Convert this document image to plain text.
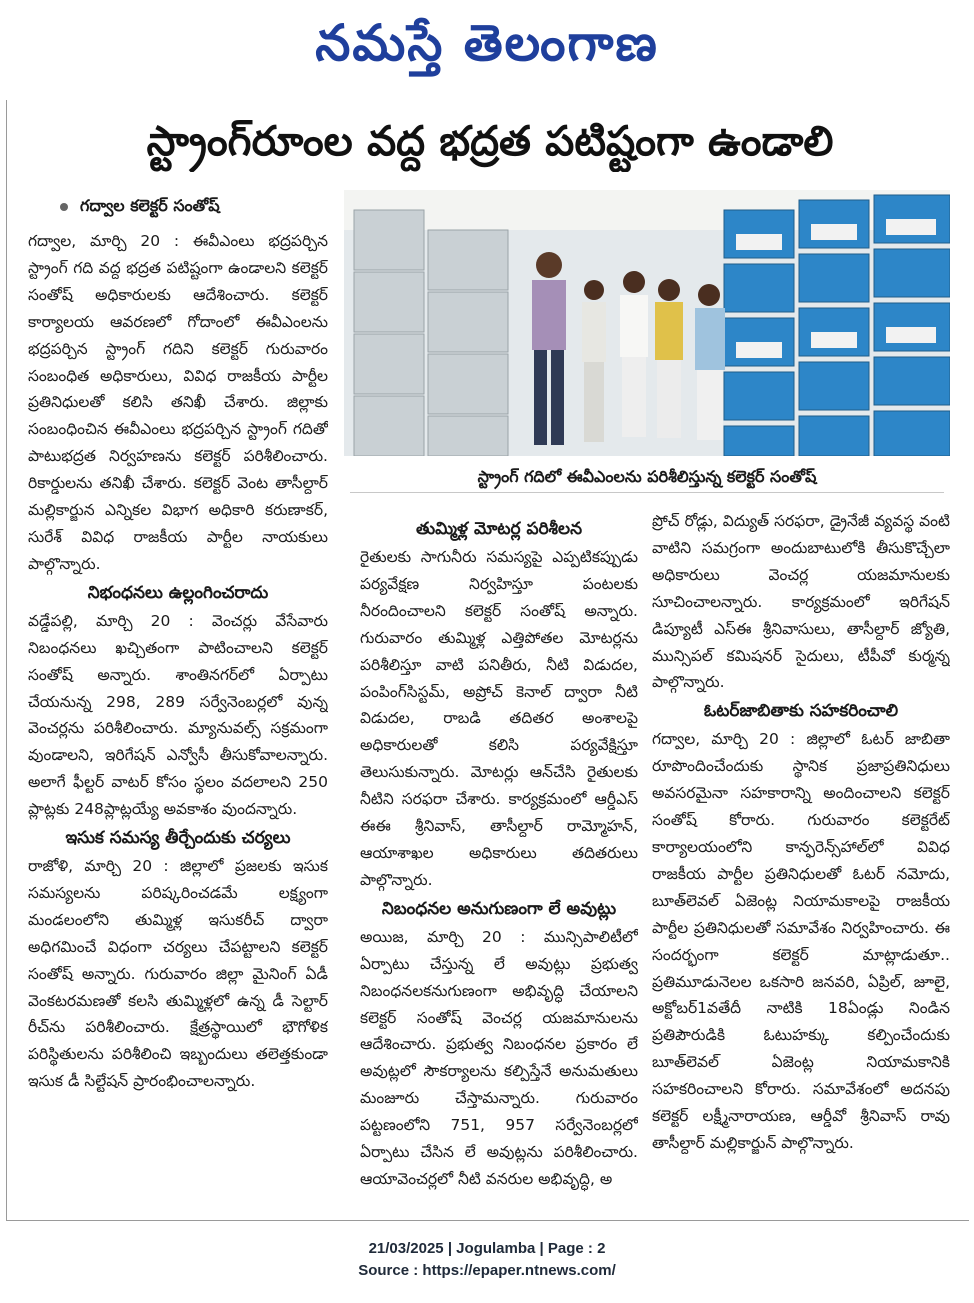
నమస్తే తెలంగాణ
స్ట్రాంగ్‌రూంల వద్ద భద్రత పటిష్టంగా ఉండాలి
గద్వాల కలెక్టర్ సంతోష్
స్ట్రాంగ్ గదిలో ఈవీఎంలను పరిశీలిస్తున్న కలెక్టర్ సంతోష్

గద్వాల, మార్చి 20 : ఈవీఎంలు భద్రపర్చిన స్ట్రాంగ్ గది వద్ద భద్రత పటిష్టంగా ఉండాలని కలెక్టర్ సంతోష్ అధికారులకు ఆదేశించారు. కలెక్టర్ కార్యాలయ ఆవరణలో గోదాంలో ఈవీఎంలను భద్రపర్చిన స్ట్రాంగ్ గదిని కలెక్టర్ గురువారం సంబంధిత అధికారులు, వివిధ రాజకీయ పార్టీల ప్రతినిధులతో కలిసి తనిఖీ చేశారు. జిల్లాకు సంబంధించిన ఈవీఎంలు భద్రపర్చిన స్ట్రాంగ్ గదితో పాటుభద్రత నిర్వహణను కలెక్టర్ పరిశీలించారు. రికార్డులను తనిఖీ చేశారు. కలెక్టర్ వెంట తాసీల్దార్ మల్లికార్జున ఎన్నికల విభాగ అధికారి కరుణాకర్, సురేశ్ వివిధ రాజకీయ పార్టీల నాయకులు పాల్గొన్నారు.

నిభంధనలు ఉల్లంగించరాదు

వడ్డేపల్లి, మార్చి 20 : వెంచర్లు వేసేవారు నిబంధనలు ఖచ్చితంగా పాటించాలని కలెక్టర్ సంతోష్ అన్నారు. శాంతినగర్‌లో ఏర్పాటు చేయనున్న 298, 289 సర్వేనెంబర్లలో వున్న వెంచర్లను పరిశీలించారు. మ్యానువల్స్ సక్రమంగా వుండాలని, ఇరిగేషన్ ఎన్వోసీ తీసుకోవాలన్నారు. అలాగే ఫీల్టర్ వాటర్ కోసం స్థలం వదలాలని 250 ప్లాట్లకు 248ప్లాట్లయ్యే అవకాశం వుందన్నారు.

ఇసుక సమస్య తీర్చేందుకు చర్యలు

రాజోళి, మార్చి 20 : జిల్లాలో ప్రజలకు ఇసుక సమస్యలను పరిష్కరించడమే లక్ష్యంగా మండలంలోని తుమ్మిళ్ల ఇసుకరీచ్ ద్వారా అధిగమించే విధంగా చర్యలు చేపట్టాలని కలెక్టర్ సంతోష్ అన్నారు. గురువారం జిల్లా మైనింగ్ ఏడీ వెంకటరమణతో కలసి తుమ్మిళ్లలో ఉన్న డీ సెల్టార్ రీచ్‌ను పరిశీలించారు. క్షేత్రస్థాయిలో భౌగోళిక పరిస్థితులను పరిశీలించి ఇబ్బందులు తలెత్తకుండా ఇసుక డీ సిల్టేషన్ ప్రారంభించాలన్నారు.

తుమ్మిళ్ల మోటర్ల పరిశీలన

రైతులకు సాగునీరు సమస్యపై ఎప్పటికప్పుడు పర్యవేక్షణ నిర్వహిస్తూ పంటలకు నీరందించాలని కలెక్టర్ సంతోష్ అన్నారు. గురువారం తుమ్మిళ్ల ఎత్తిపోతల మోటర్లను పరిశీలిస్తూ వాటి పనితీరు, నీటి విడుదల, పంపింగ్‌సిస్టమ్, అప్రోచ్ కెనాల్ ద్వారా నీటి విడుదల, రాబడి తదితర అంశాలపై అధికారులతో కలిసి పర్యవేక్షిస్తూ తెలుసుకున్నారు. మోటర్లు ఆన్‌చేసి రైతులకు నీటిని సరఫరా చేశారు. కార్యక్రమంలో ఆర్డీఎస్ ఈఈ శ్రీనివాస్, తాసీల్దార్ రామ్మోహన్, ఆయాశాఖల అధికారులు తదితరులు పాల్గొన్నారు.

నిబంధనల అనుగుణంగా లే అవుట్లు

అయిజ, మార్చి 20 : మున్సిపాలిటీలో ఏర్పాటు చేస్తున్న లే అవుట్లు ప్రభుత్వ నిబంధనలకనుగుణంగా అభివృద్ధి చేయాలని కలెక్టర్ సంతోష్ వెంచర్ల యజమానులను ఆదేశించారు. ప్రభుత్వ నిబంధనల ప్రకారం లే అవుట్లలో సౌకర్యాలను కల్పిస్తేనే అనుమతులు మంజూరు చేస్తామన్నారు. గురువారం పట్టణంలోని 751, 957 సర్వేనెంబర్లలో ఏర్పాటు చేసిన లే అవుట్లను పరిశీలించారు. ఆయావెంచర్లలో నీటి వనరుల అభివృద్ధి, అ

ప్రోచ్ రోడ్లు, విద్యుత్ సరఫరా, డ్రైనేజీ వ్యవస్థ వంటి వాటిని సమగ్రంగా అందుబాటులోకి తీసుకొచ్చేలా అధికారులు వెంచర్ల యజమానులకు సూచించాలన్నారు. కార్యక్రమంలో ఇరిగేషన్ డిప్యూటీ ఎస్ఈ శ్రీనివాసులు, తాసీల్దార్ జ్యోతి, మున్సిపల్ కమిషనర్ సైదులు, టీపీవో కుర్మన్న పాల్గొన్నారు.

ఓటర్‌జాబితాకు సహకరించాలి

గద్వాల, మార్చి 20 : జిల్లాలో ఓటర్ జాబితా రూపొందించేందుకు స్థానిక ప్రజాప్రతినిధులు అవసరమైనా సహకారాన్ని అందించాలని కలెక్టర్ సంతోష్ కోరారు. గురువారం కలెక్టరేట్ కార్యాలయంలోని కాన్ఫరెన్స్‌హాల్‌లో వివిధ రాజకీయ పార్టీల ప్రతినిధులతో ఓటర్ నమోదు, బూత్‌లెవల్ ఏజెంట్ల నియామకాలపై రాజకీయ పార్టీల ప్రతినిధులతో సమావేశం నిర్వహించారు. ఈ సందర్భంగా కలెక్టర్ మాట్లాడుతూ.. ప్రతిమూడునెలల ఒకసారి జనవరి, ఏప్రిల్, జూలై, అక్టోబర్1వతేదీ నాటికి 18ఏండ్లు నిండిన ప్రతిపౌరుడికి ఓటుహక్కు కల్పించేందుకు బూత్‌లెవల్ ఏజెంట్ల నియామకానికి సహకరించాలని కోరారు. సమావేశంలో అదనపు కలెక్టర్ లక్ష్మీనారాయణ, ఆర్డీవో శ్రీనివాస్ రావు తాసీల్దార్ మల్లికార్జున్ పాల్గొన్నారు.

21/03/2025 | Jogulamba | Page : 2
Source : https://epaper.ntnews.com/
